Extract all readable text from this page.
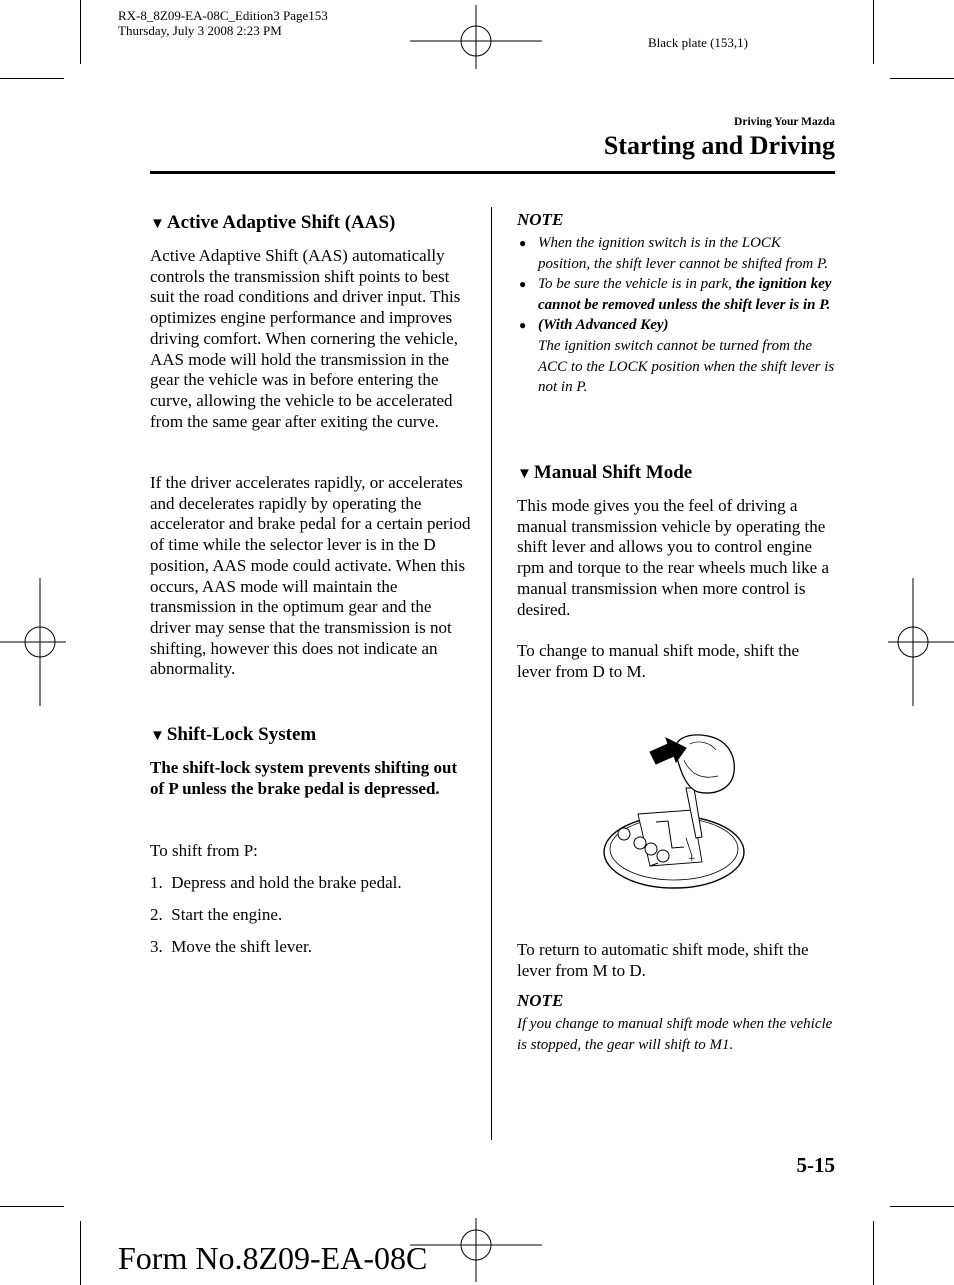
RX-8_8Z09-EA-08C_Edition3 Page153
Thursday, July 3 2008 2:23 PM
Black plate (153,1)
Driving Your Mazda
Starting and Driving
▼ Active Adaptive Shift (AAS)

Active Adaptive Shift (AAS) automatically controls the transmission shift points to best suit the road conditions and driver input. This optimizes engine performance and improves driving comfort. When cornering the vehicle, AAS mode will hold the transmission in the gear the vehicle was in before entering the curve, allowing the vehicle to be accelerated from the same gear after exiting the curve.

If the driver accelerates rapidly, or accelerates and decelerates rapidly by operating the accelerator and brake pedal for a certain period of time while the selector lever is in the D position, AAS mode could activate. When this occurs, AAS mode will maintain the transmission in the optimum gear and the driver may sense that the transmission is not shifting, however this does not indicate an abnormality.

▼ Shift-Lock System

The shift-lock system prevents shifting out of P unless the brake pedal is depressed.

To shift from P:

1. Depress and hold the brake pedal.
2. Start the engine.
3. Move the shift lever.
NOTE
● When the ignition switch is in the LOCK position, the shift lever cannot be shifted from P.
● To be sure the vehicle is in park, the ignition key cannot be removed unless the shift lever is in P.
● (With Advanced Key)
The ignition switch cannot be turned from the ACC to the LOCK position when the shift lever is not in P.
▼ Manual Shift Mode

This mode gives you the feel of driving a manual transmission vehicle by operating the shift lever and allows you to control engine rpm and torque to the rear wheels much like a manual transmission when more control is desired.

To change to manual shift mode, shift the lever from D to M.

+

To return to automatic shift mode, shift the lever from M to D.

NOTE
If you change to manual shift mode when the vehicle is stopped, the gear will shift to M1.
5-15
Form No.8Z09-EA-08C
